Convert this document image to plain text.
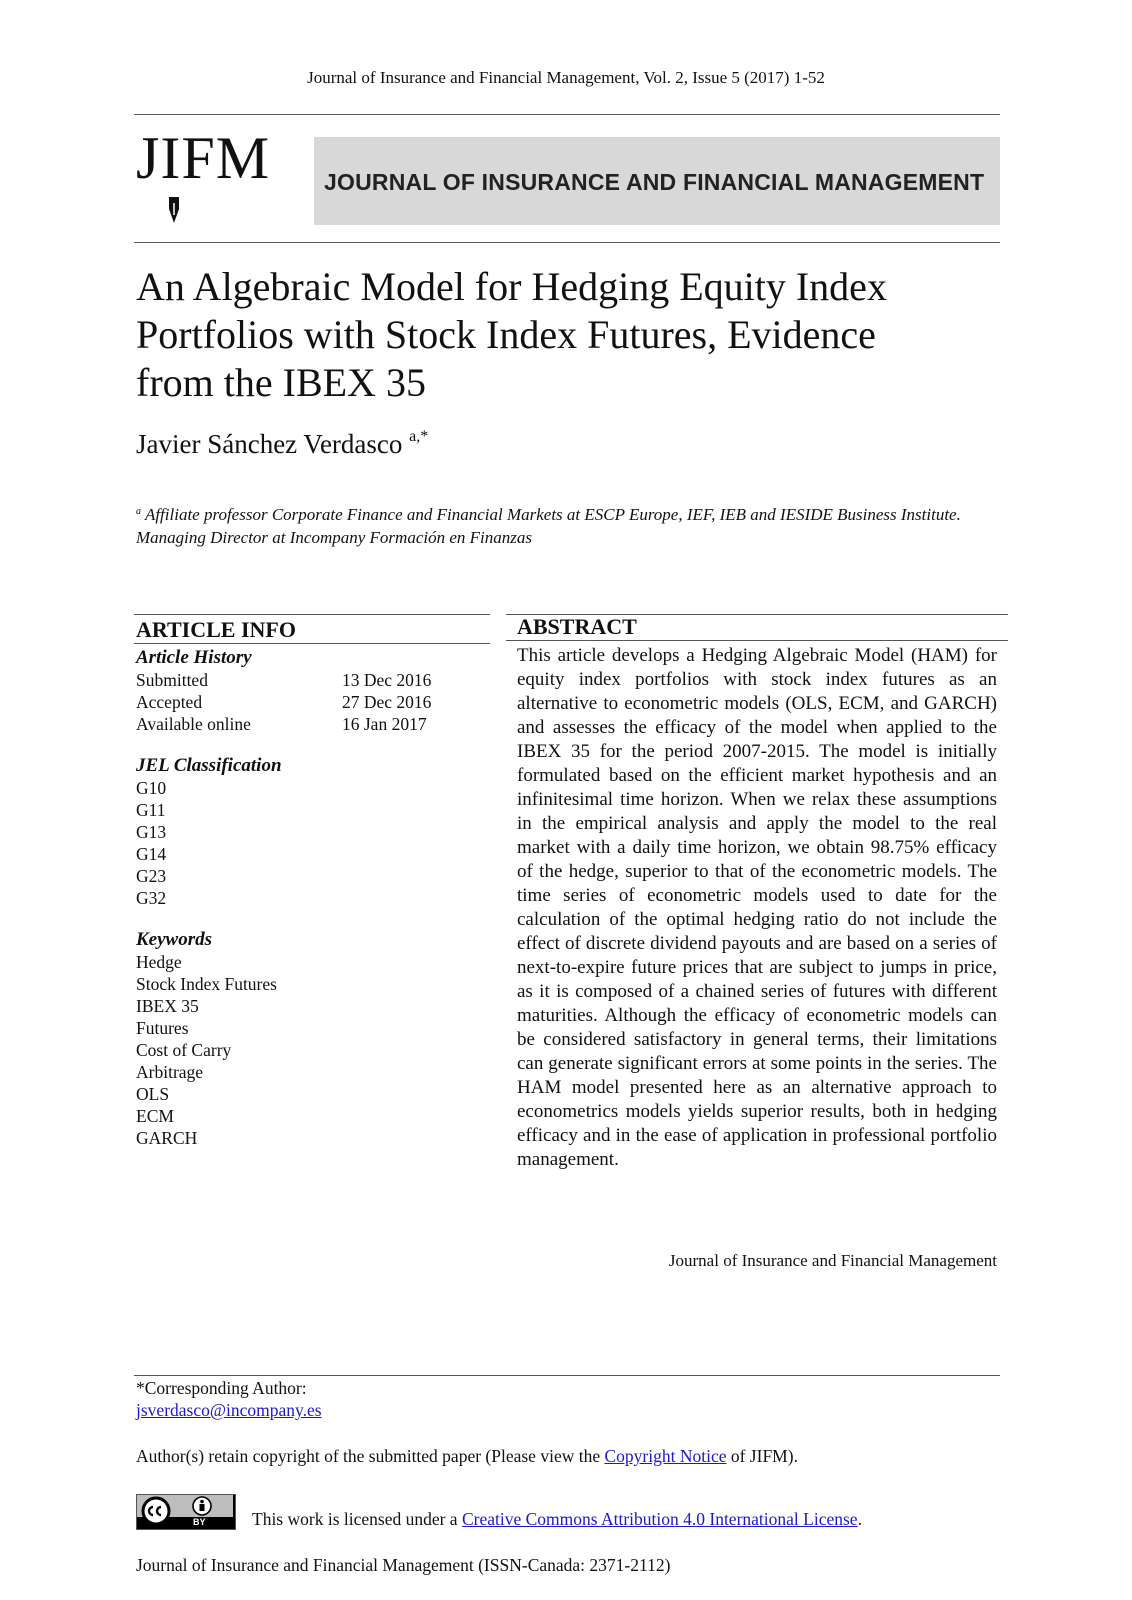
Journal of Insurance and Financial Management, Vol. 2, Issue 5 (2017) 1-52
JIFM JOURNAL OF INSURANCE AND FINANCIAL MANAGEMENT
An Algebraic Model for Hedging Equity Index Portfolios with Stock Index Futures, Evidence from the IBEX 35
Javier Sánchez Verdasco $^{a,*}$
$^a$ Affiliate professor Corporate Finance and Financial Markets at ESCP Europe, IEF, IEB and IESIDE Business Institute. Managing Director at Incompany Formación en Finanzas
ARTICLE INFO
Article History
Submitted	13 Dec 2016
Accepted	27 Dec 2016
Available online	16 Jan 2017
JEL Classification
G10
G11
G13
G14
G23
G32
Keywords
Hedge
Stock Index Futures
IBEX 35
Futures
Cost of Carry
Arbitrage
OLS
ECM
GARCH
ABSTRACT
This article develops a Hedging Algebraic Model (HAM) for equity index portfolios with stock index futures as an alternative to econometric models (OLS, ECM, and GARCH) and assesses the efficacy of the model when applied to the IBEX 35 for the period 2007-2015. The model is initially formulated based on the efficient market hypothesis and an infinitesimal time horizon. When we relax these assumptions in the empirical analysis and apply the model to the real market with a daily time horizon, we obtain 98.75% efficacy of the hedge, superior to that of the econometric models. The time series of econometric models used to date for the calculation of the optimal hedging ratio do not include the effect of discrete dividend payouts and are based on a series of next-to-expire future prices that are subject to jumps in price, as it is composed of a chained series of futures with different maturities. Although the efficacy of econometric models can be considered satisfactory in general terms, their limitations can generate significant errors at some points in the series. The HAM model presented here as an alternative approach to econometrics models yields superior results, both in hedging efficacy and in the ease of application in professional portfolio management.
Journal of Insurance and Financial Management
*Corresponding Author:
jsverdasco@incompany.es
Author(s) retain copyright of the submitted paper (Please view the Copyright Notice of JIFM).
BY	This work is licensed under a Creative Commons Attribution 4.0 International License.
Journal of Insurance and Financial Management (ISSN-Canada: 2371-2112)
